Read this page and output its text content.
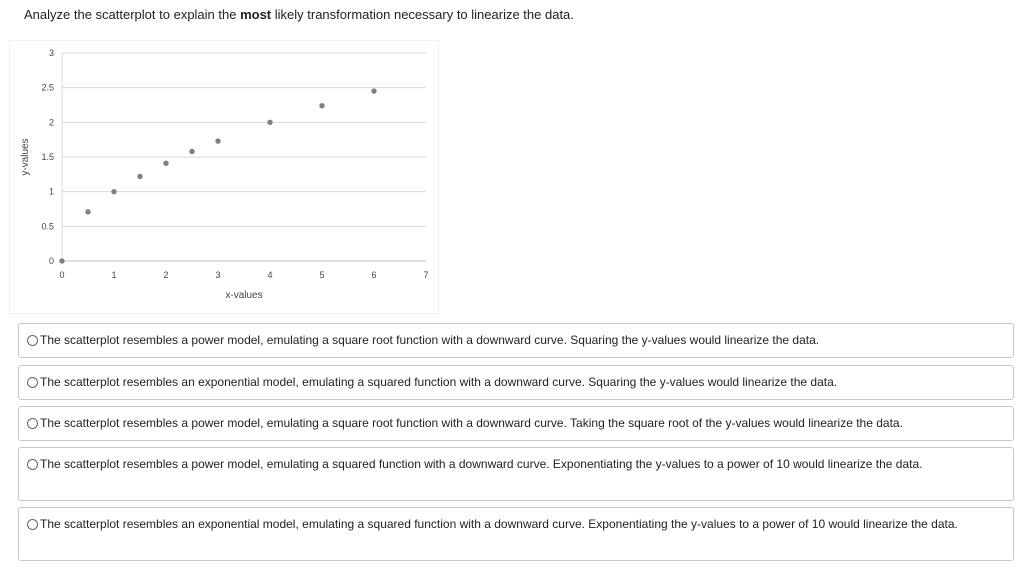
Analyze the scatterplot to explain the most likely transformation necessary to linearize the data.
0
0.5
1
1.5
2
2.5
3
0	1	2	3	4	5	6	7
x-values
y-values
The scatterplot resembles a power model, emulating a square root function with a downward curve. Squaring the y-values would linearize the data.
The scatterplot resembles an exponential model, emulating a squared function with a downward curve. Squaring the y-values would linearize the data.
The scatterplot resembles a power model, emulating a square root function with a downward curve. Taking the square root of the y-values would linearize the data.
The scatterplot resembles a power model, emulating a squared function with a downward curve. Exponentiating the y-values to a power of 10 would linearize the data.
The scatterplot resembles an exponential model, emulating a squared function with a downward curve. Exponentiating the y-values to a power of 10 would linearize the data.
